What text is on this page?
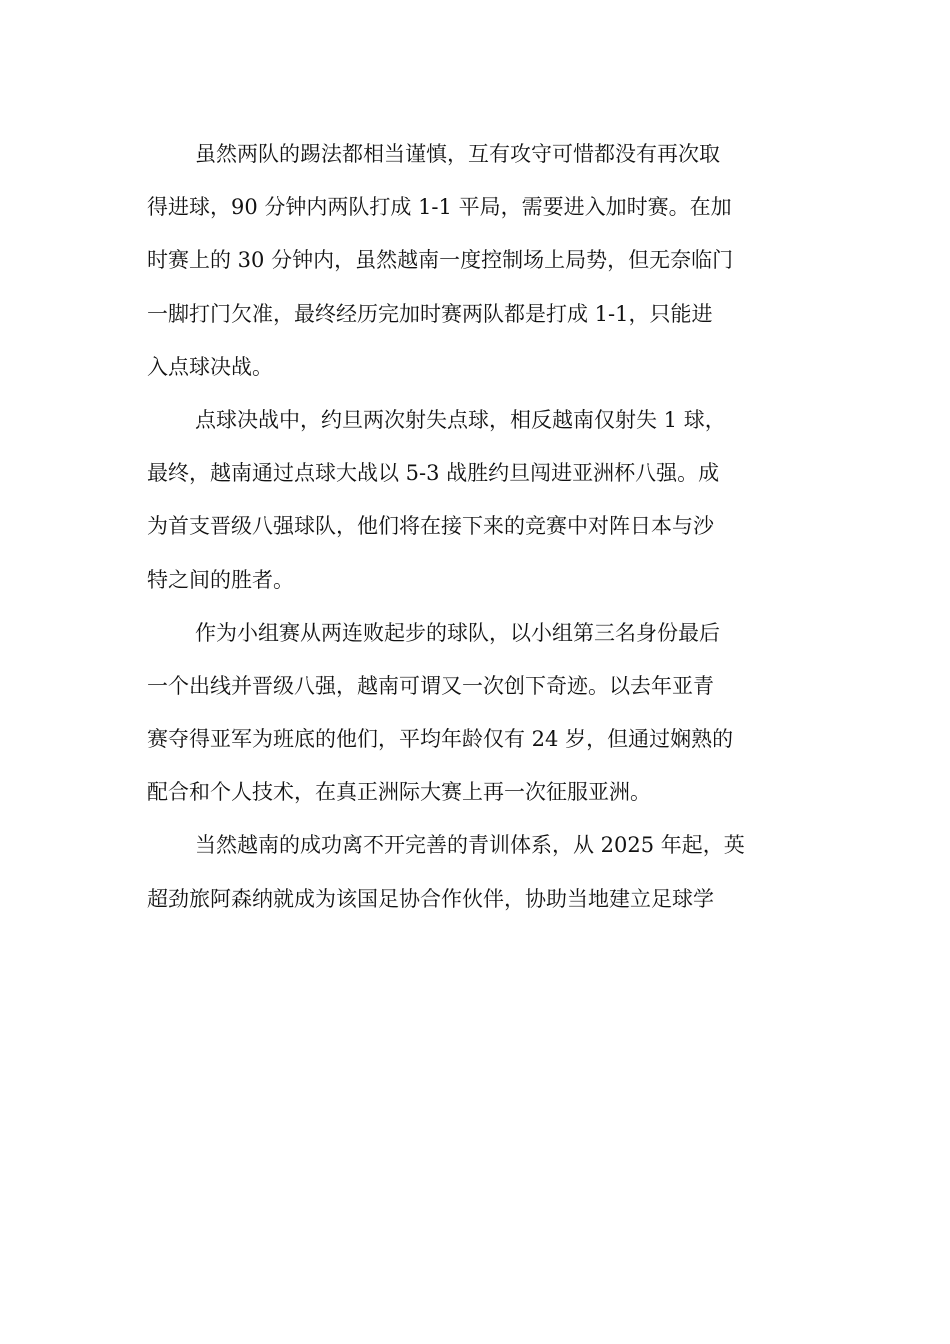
虽然两队的踢法都相当谨慎，互有攻守可惜都没有再次取
得进球，90 分钟内两队打成 1-1 平局，需要进入加时赛。在加
时赛上的 30 分钟内，虽然越南一度控制场上局势，但无奈临门
一脚打门欠准，最终经历完加时赛两队都是打成 1-1，只能进
入点球决战。
点球决战中，约旦两次射失点球，相反越南仅射失 1 球，
最终，越南通过点球大战以 5-3 战胜约旦闯进亚洲杯八强。成
为首支晋级八强球队，他们将在接下来的竞赛中对阵日本与沙
特之间的胜者。
作为小组赛从两连败起步的球队，以小组第三名身份最后
一个出线并晋级八强，越南可谓又一次创下奇迹。以去年亚青
赛夺得亚军为班底的他们，平均年龄仅有 24 岁，但通过娴熟的
配合和个人技术，在真正洲际大赛上再一次征服亚洲。
当然越南的成功离不开完善的青训体系，从 2025 年起，英
超劲旅阿森纳就成为该国足协合作伙伴，协助当地建立足球学
